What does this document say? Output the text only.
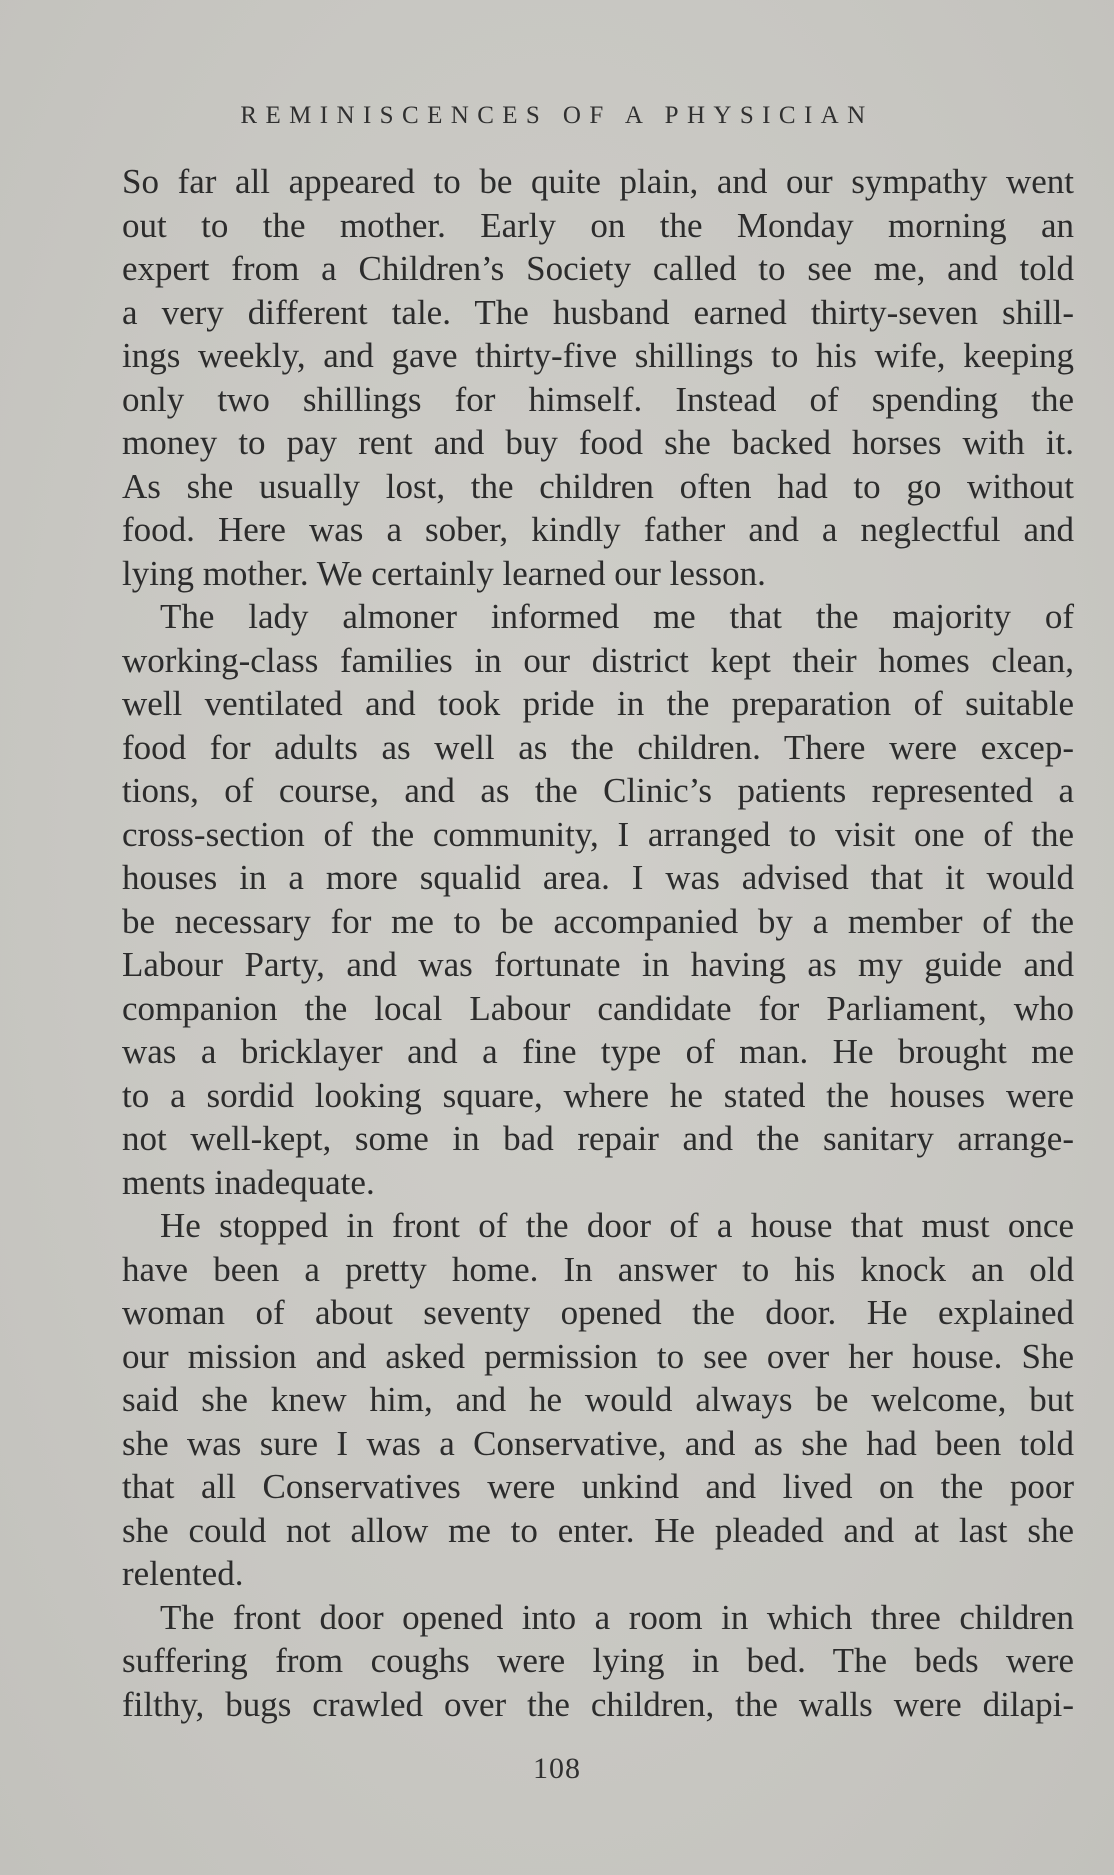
REMINISCENCES OF A PHYSICIAN
So far all appeared to be quite plain, and our sympathy went
out to the mother. Early on the Monday morning an
expert from a Children’s Society called to see me, and told
a very different tale. The husband earned thirty-seven shill-
ings weekly, and gave thirty-five shillings to his wife, keeping
only two shillings for himself. Instead of spending the
money to pay rent and buy food she backed horses with it.
As she usually lost, the children often had to go without
food. Here was a sober, kindly father and a neglectful and
lying mother. We certainly learned our lesson.
The lady almoner informed me that the majority of
working-class families in our district kept their homes clean,
well ventilated and took pride in the preparation of suitable
food for adults as well as the children. There were excep-
tions, of course, and as the Clinic’s patients represented a
cross-section of the community, I arranged to visit one of the
houses in a more squalid area. I was advised that it would
be necessary for me to be accompanied by a member of the
Labour Party, and was fortunate in having as my guide and
companion the local Labour candidate for Parliament, who
was a bricklayer and a fine type of man. He brought me
to a sordid looking square, where he stated the houses were
not well-kept, some in bad repair and the sanitary arrange-
ments inadequate.
He stopped in front of the door of a house that must once
have been a pretty home. In answer to his knock an old
woman of about seventy opened the door. He explained
our mission and asked permission to see over her house. She
said she knew him, and he would always be welcome, but
she was sure I was a Conservative, and as she had been told
that all Conservatives were unkind and lived on the poor
she could not allow me to enter. He pleaded and at last she
relented.
The front door opened into a room in which three children
suffering from coughs were lying in bed. The beds were
filthy, bugs crawled over the children, the walls were dilapi-
108
